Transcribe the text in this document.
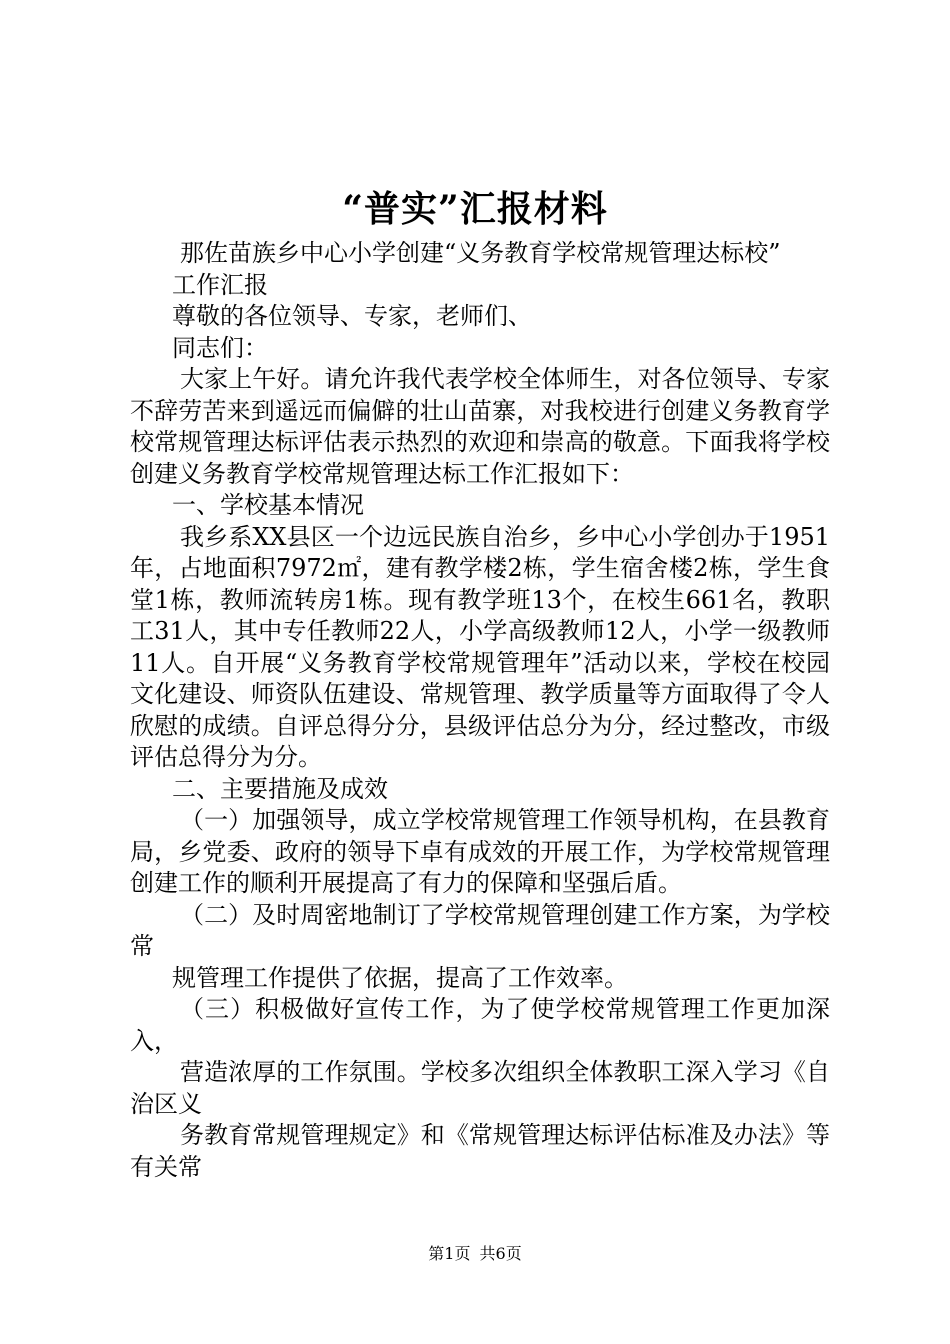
“普实”汇报材料

那佐苗族乡中心小学创建“义务教育学校常规管理达标校”

工作汇报

尊敬的各位领导、专家，老师们、

同志们：

大家上午好。请允许我代表学校全体师生，对各位领导、专家不辞劳苦来到遥远而偏僻的壮山苗寨，对我校进行创建义务教育学校常规管理达标评估表示热烈的欢迎和崇高的敬意。下面我将学校创建义务教育学校常规管理达标工作汇报如下：

一、学校基本情况

我乡系XX县区一个边远民族自治乡，乡中心小学创办于1951年，占地面积7972㎡，建有教学楼2栋，学生宿舍楼2栋，学生食堂1栋，教师流转房1栋。现有教学班13个，在校生661名，教职工31人，其中专任教师22人，小学高级教师12人，小学一级教师11人。自开展“义务教育学校常规管理年”活动以来，学校在校园文化建设、师资队伍建设、常规管理、教学质量等方面取得了令人欣慰的成绩。自评总得分分，县级评估总分为分，经过整改，市级评估总得分为分。

二、主要措施及成效

（一）加强领导，成立学校常规管理工作领导机构，在县教育局，乡党委、政府的领导下卓有成效的开展工作，为学校常规管理创建工作的顺利开展提高了有力的保障和坚强后盾。

（二）及时周密地制订了学校常规管理创建工作方案，为学校常

规管理工作提供了依据，提高了工作效率。

（三）积极做好宣传工作，为了使学校常规管理工作更加深入，

营造浓厚的工作氛围。学校多次组织全体教职工深入学习《自治区义

务教育常规管理规定》和《常规管理达标评估标准及办法》等有关常

第1页 共6页
